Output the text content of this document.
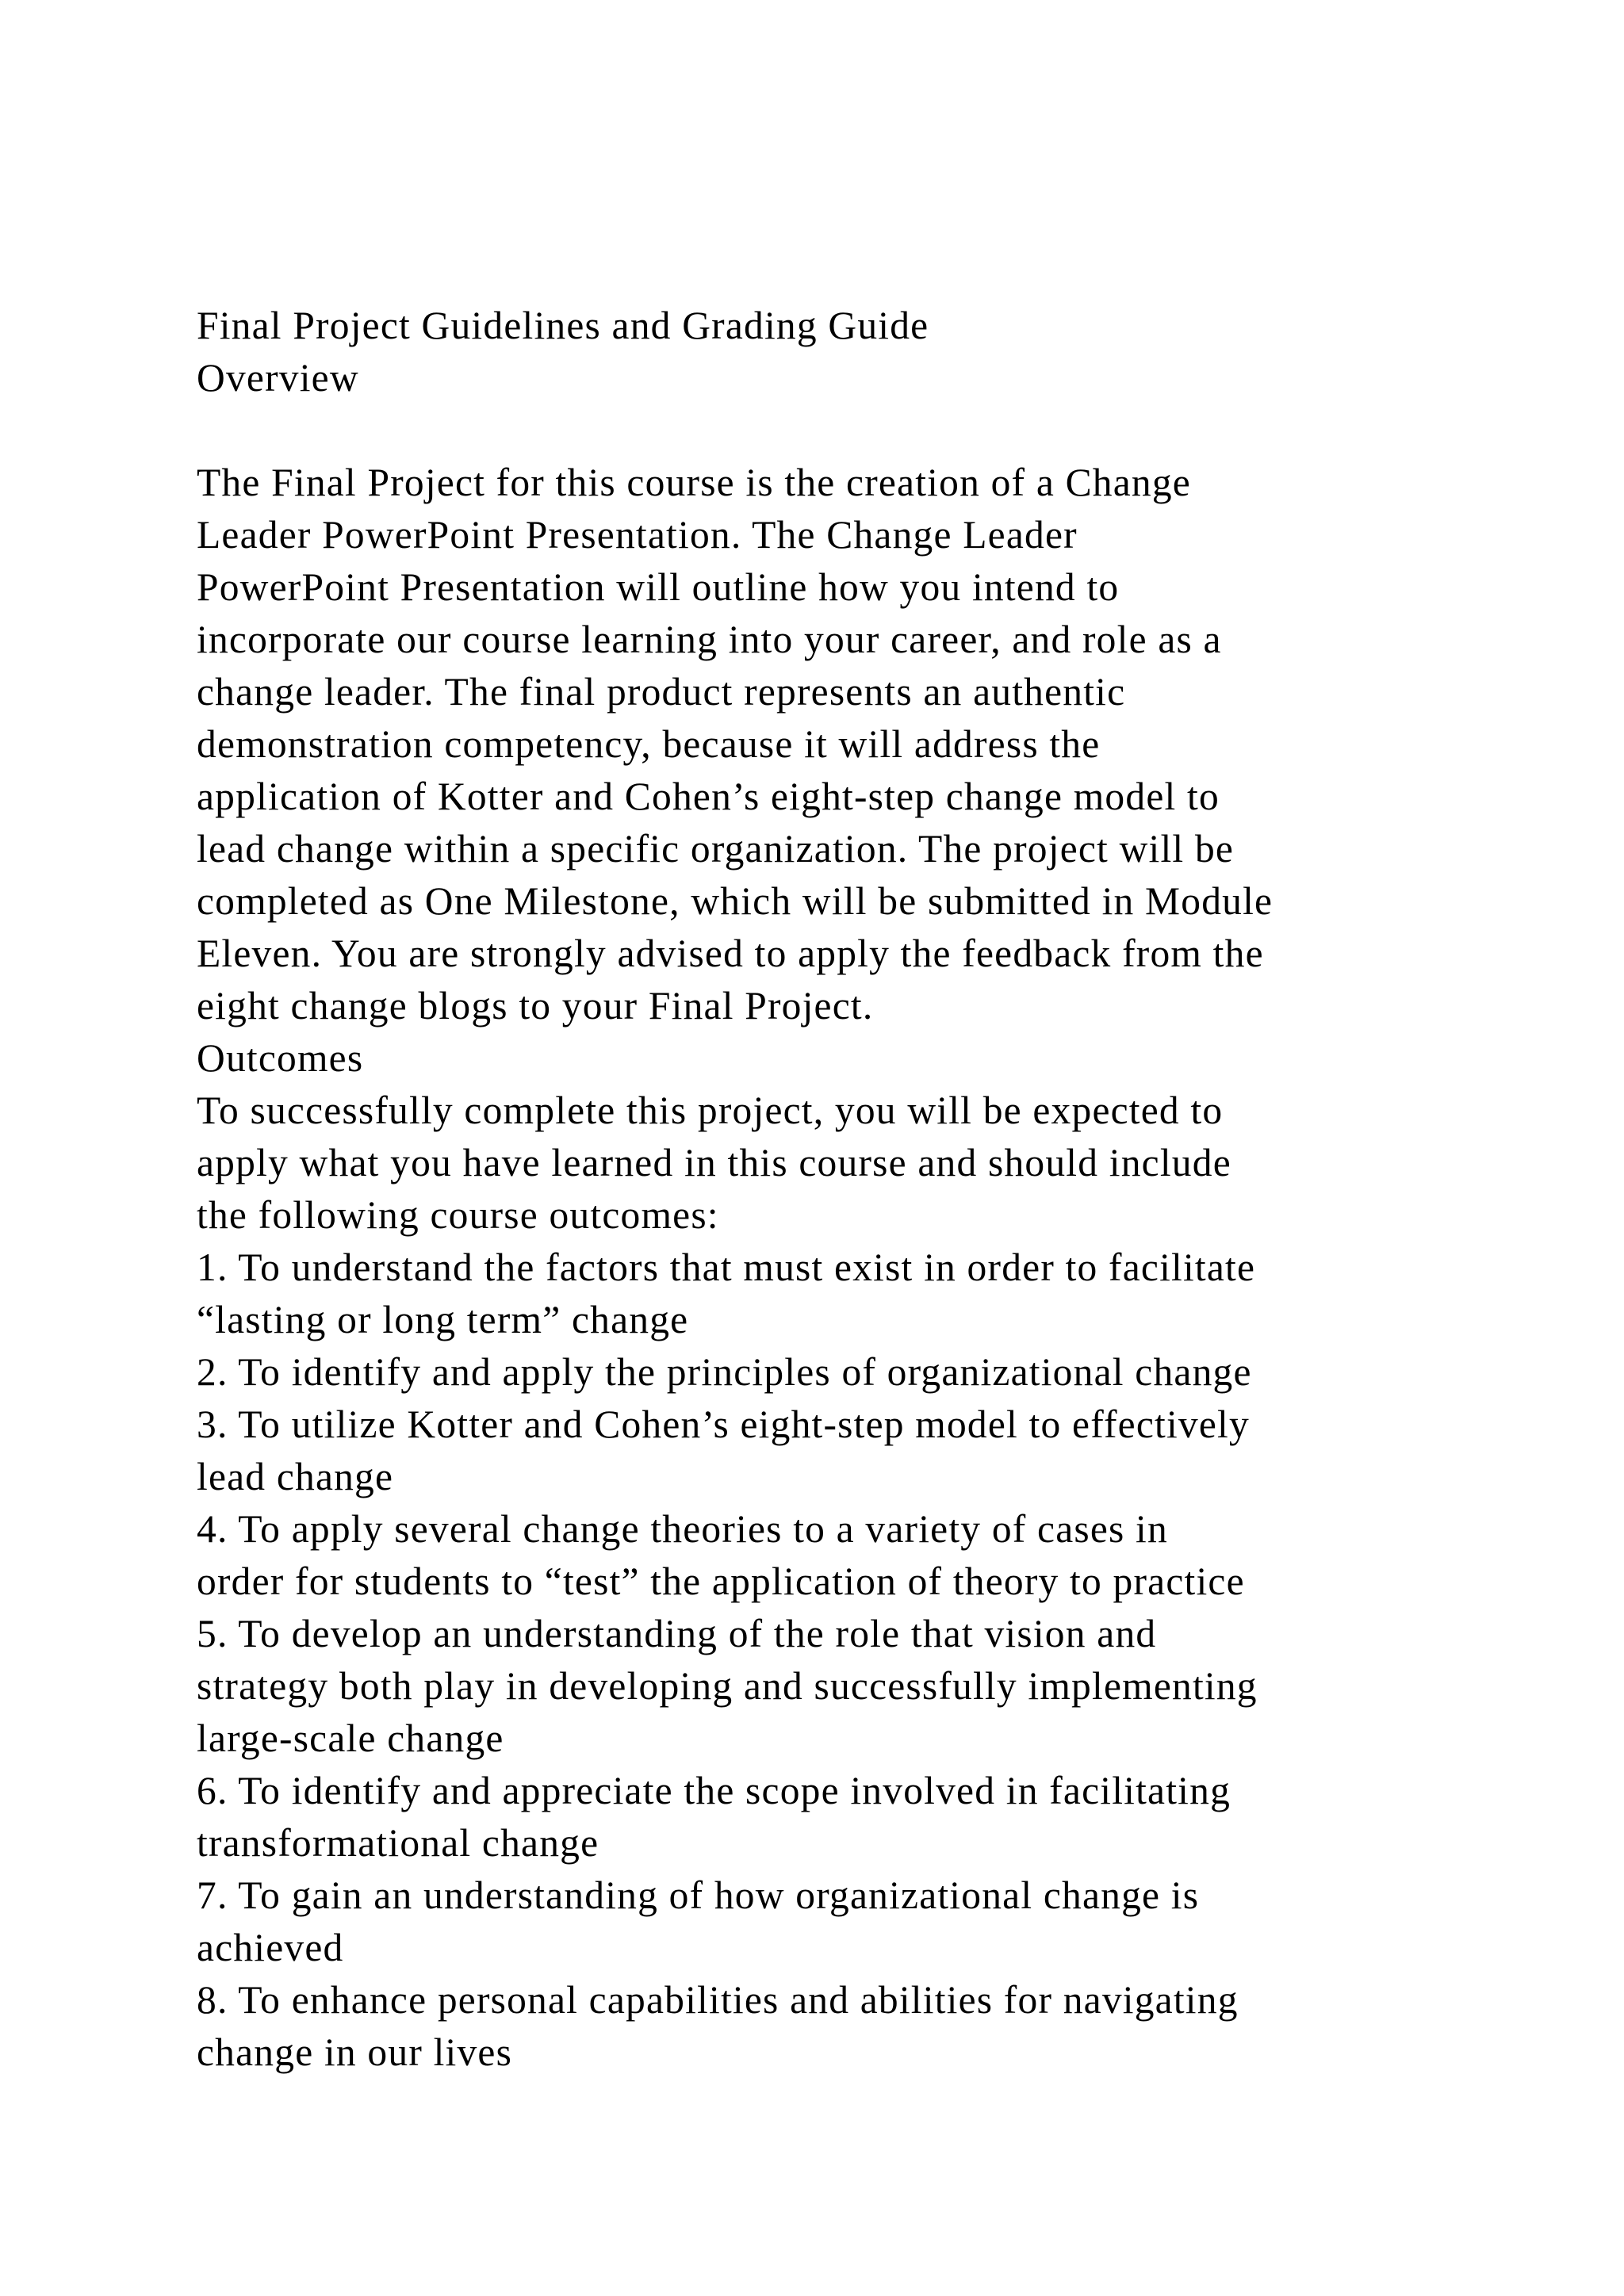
Final Project Guidelines and Grading Guide
Overview
The Final Project for this course is the creation of a Change
Leader PowerPoint Presentation. The Change Leader
PowerPoint Presentation will outline how you intend to
incorporate our course learning into your career, and role as a
change leader. The final product represents an authentic
demonstration competency, because it will address the
application of Kotter and Cohen’s eight-step change model to
lead change within a specific organization. The project will be
completed as One Milestone, which will be submitted in Module
Eleven. You are strongly advised to apply the feedback from the
eight change blogs to your Final Project.
Outcomes
To successfully complete this project, you will be expected to
apply what you have learned in this course and should include
the following course outcomes:
1. To understand the factors that must exist in order to facilitate
“lasting or long term” change
2. To identify and apply the principles of organizational change
3. To utilize Kotter and Cohen’s eight-step model to effectively
lead change
4. To apply several change theories to a variety of cases in
order for students to “test” the application of theory to practice
5. To develop an understanding of the role that vision and
strategy both play in developing and successfully implementing
large-scale change
6. To identify and appreciate the scope involved in facilitating
transformational change
7. To gain an understanding of how organizational change is
achieved
8. To enhance personal capabilities and abilities for navigating
change in our lives
